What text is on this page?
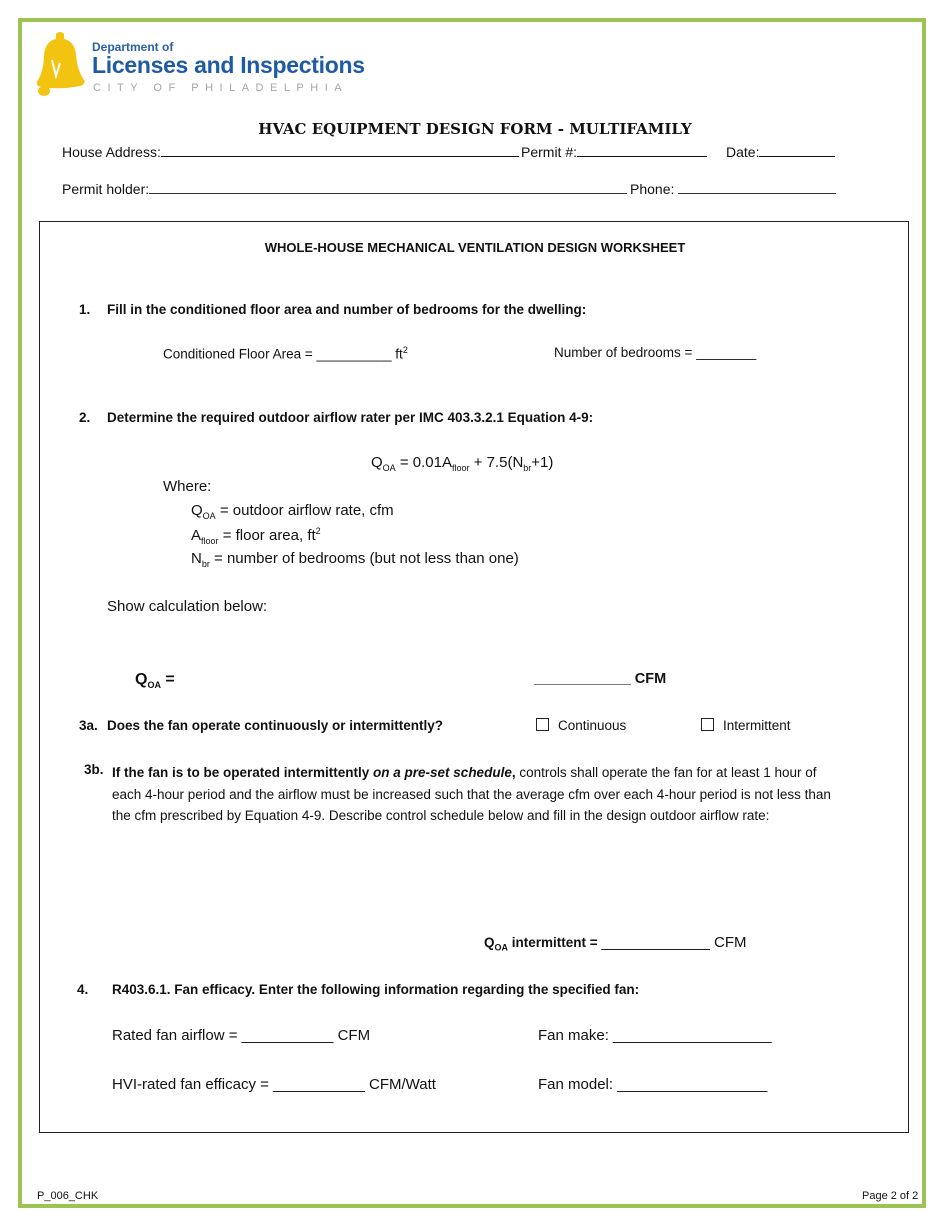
Department of
Licenses and Inspections
CITY OF PHILADELPHIA
HVAC EQUIPMENT DESIGN FORM - MULTIFAMILY
House Address:	Permit #:	Date:
Permit holder:	Phone:
WHOLE-HOUSE MECHANICAL VENTILATION DESIGN WORKSHEET
1. Fill in the conditioned floor area and number of bedrooms for the dwelling:
Conditioned Floor Area = __________ $ft^2$	Number of bedrooms = ________
2. Determine the required outdoor airflow rater per IMC 403.3.2.1 Equation 4-9:
$Q_{OA} = 0.01A_{floor} + 7.5(N_{br}+1)$
Where:
$Q_{OA}$ = outdoor airflow rate, cfm
$A_{floor}$ = floor area, $ft^2$
$N_{br}$ = number of bedrooms (but not less than one)
Show calculation below:
$Q_{OA}$ =	____________ CFM
3a. Does the fan operate continuously or intermittently?	Continuous	Intermittent
3b. If the fan is to be operated intermittently on a pre-set schedule, controls shall operate the fan for at least 1 hour of each 4-hour period and the airflow must be increased such that the average cfm over each 4-hour period is not less than the cfm prescribed by Equation 4-9. Describe control schedule below and fill in the design outdoor airflow rate:
$Q_{OA}$ intermittent = _____________ CFM
4. R403.6.1. Fan efficacy. Enter the following information regarding the specified fan:
Rated fan airflow = ___________ CFM	Fan make: ___________________
HVI-rated fan efficacy = ___________ CFM/Watt	Fan model: __________________
P_006_CHK	Page 2 of 2
